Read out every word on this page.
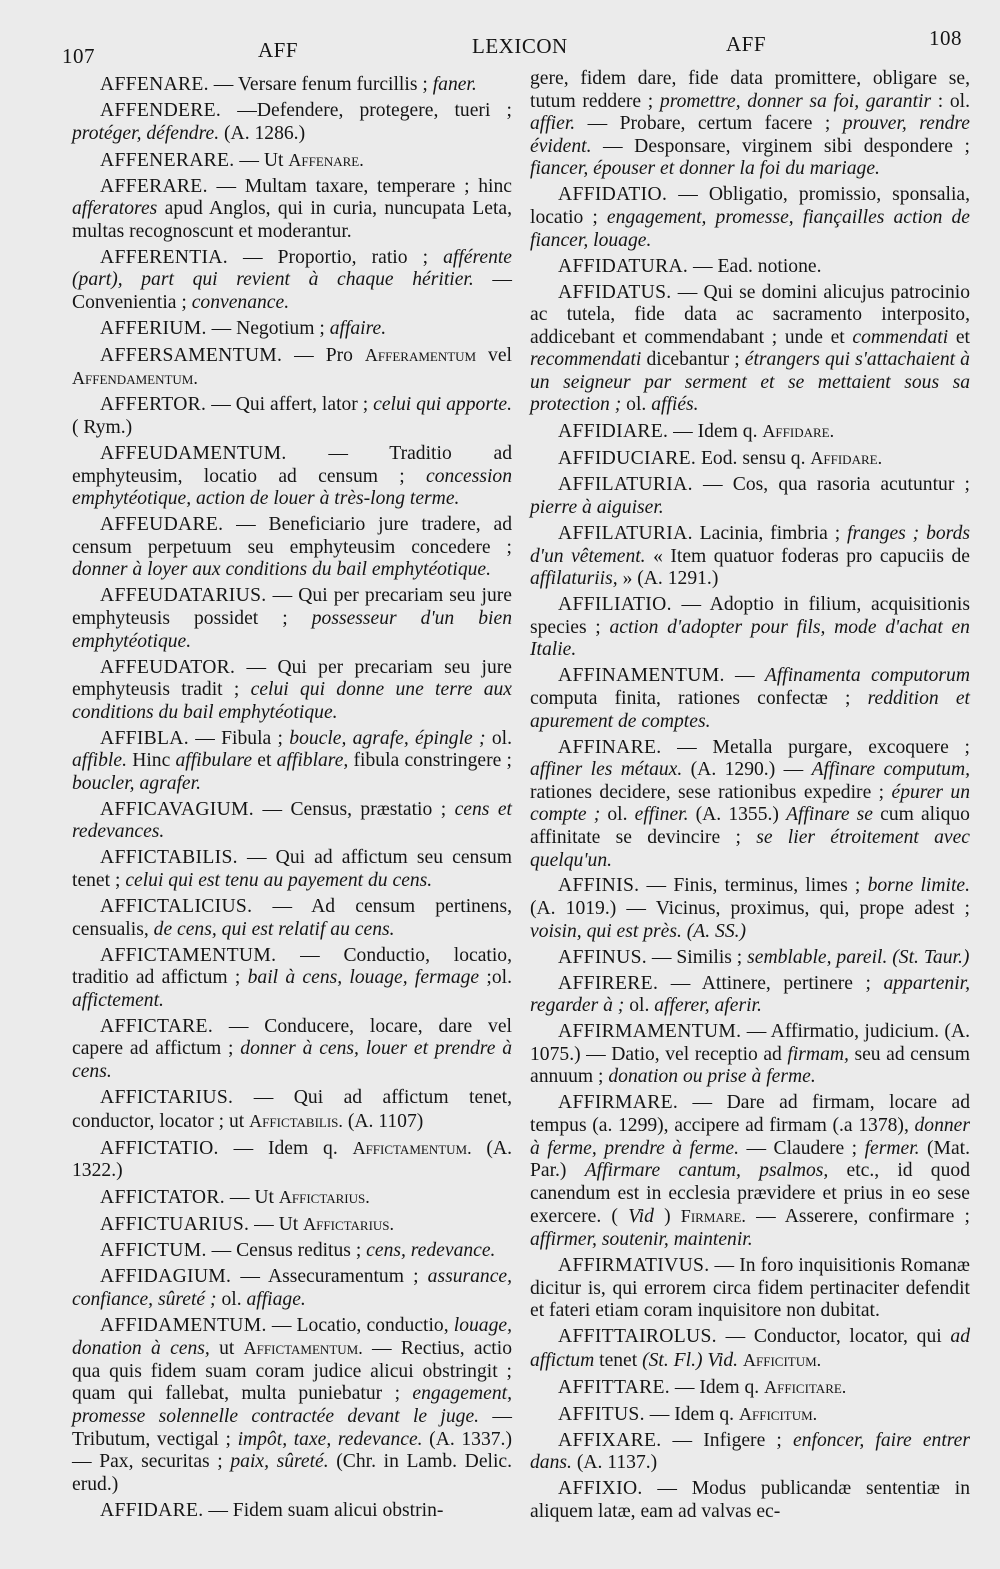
107	AFF	LEXICON	AFF	108

AFFENARE. — Versare fenum furcillis ; faner.

AFFENDERE. —Defendere, protegere, tueri ; protéger, défendre. (A. 1286.)

AFFENERARE. — Ut Affenare.

AFFERARE. — Multam taxare, temperare ; hinc afferatores apud Anglos, qui in curia, nuncupata Leta, multas recognoscunt et moderantur.

AFFERENTIA. — Proportio, ratio ; afférente (part), part qui revient à chaque héritier. — Convenientia ; convenance.

AFFERIUM. — Negotium ; affaire.

AFFERSAMENTUM. — Pro Afferamentum vel Affendamentum.

AFFERTOR. — Qui affert, lator ; celui qui apporte. ( Rym.)

AFFEUDAMENTUM. — Traditio ad emphyteusim, locatio ad censum ; concession emphytéotique, action de louer à très-long terme.

AFFEUDARE. — Beneficiario jure tradere, ad censum perpetuum seu emphyteusim concedere ; donner à loyer aux conditions du bail emphytéotique.

AFFEUDATARIUS. — Qui per precariam seu jure emphyteusis possidet ; possesseur d'un bien emphytéotique.

AFFEUDATOR. — Qui per precariam seu jure emphyteusis tradit ; celui qui donne une terre aux conditions du bail emphytéotique.

AFFIBLA. — Fibula ; boucle, agrafe, épingle ; ol. affible. Hinc affibulare et affiblare, fibula constringere ; boucler, agrafer.

AFFICAVAGIUM. — Census, præstatio ; cens et redevances.

AFFICTABILIS. — Qui ad affictum seu censum tenet ; celui qui est tenu au payement du cens.

AFFICTALICIUS. — Ad censum pertinens, censualis, de cens, qui est relatif au cens.

AFFICTAMENTUM. — Conductio, locatio, traditio ad affictum ; bail à cens, louage, fermage ;ol. affictement.

AFFICTARE. — Conducere, locare, dare vel capere ad affictum ; donner à cens, louer et prendre à cens.

AFFICTARIUS. — Qui ad affictum tenet, conductor, locator ; ut Affictabilis. (A. 1107)

AFFICTATIO. — Idem q. Affictamentum. (A. 1322.)

AFFICTATOR. — Ut Affictarius.

AFFICTUARIUS. — Ut Affictarius.

AFFICTUM. — Census reditus ; cens, redevance.

AFFIDAGIUM. — Assecuramentum ; assurance, confiance, sûreté ; ol. affiage.

AFFIDAMENTUM. — Locatio, conductio, louage, donation à cens, ut Affictamentum. — Rectius, actio qua quis fidem suam coram judice alicui obstringit ; quam qui fallebat, multa puniebatur ; engagement, promesse solennelle contractée devant le juge. — Tributum, vectigal ; impôt, taxe, redevance. (A. 1337.) — Pax, securitas ; paix, sûreté. (Chr. in Lamb. Delic. erud.)

AFFIDARE. — Fidem suam alicui obstrin-

gere, fidem dare, fide data promittere, obligare se, tutum reddere ; promettre, donner sa foi, garantir : ol. affier. — Probare, certum facere ; prouver, rendre évident. — Desponsare, virginem sibi despondere ; fiancer, épouser et donner la foi du mariage.

AFFIDATIO. — Obligatio, promissio, sponsalia, locatio ; engagement, promesse, fiançailles action de fiancer, louage.

AFFIDATURA. — Ead. notione.

AFFIDATUS. — Qui se domini alicujus patrocinio ac tutela, fide data ac sacramento interposito, addicebant et commendabant ; unde et commendati et recommendati dicebantur ; étrangers qui s'attachaient à un seigneur par serment et se mettaient sous sa protection ; ol. affiés.

AFFIDIARE. — Idem q. Affidare.

AFFIDUCIARE. Eod. sensu q. Affidare.

AFFILATURIA. — Cos, qua rasoria acutuntur ; pierre à aiguiser.

AFFILATURIA. Lacinia, fimbria ; franges ; bords d'un vêtement. « Item quatuor foderas pro capuciis de affilaturiis, » (A. 1291.)

AFFILIATIO. — Adoptio in filium, acquisitionis species ; action d'adopter pour fils, mode d'achat en Italie.

AFFINAMENTUM. — Affinamenta computorum computa finita, rationes confectæ ; reddition et apurement de comptes.

AFFINARE. — Metalla purgare, excoquere ; affiner les métaux. (A. 1290.) — Affinare computum, rationes decidere, sese rationibus expedire ; épurer un compte ; ol. effiner. (A. 1355.) Affinare se cum aliquo affinitate se devincire ; se lier étroitement avec quelqu'un.

AFFINIS. — Finis, terminus, limes ; borne limite. (A. 1019.) — Vicinus, proximus, qui, prope adest ; voisin, qui est près. (A. SS.)

AFFINUS. — Similis ; semblable, pareil. (St. Taur.)

AFFIRERE. — Attinere, pertinere ; appartenir, regarder à ; ol. afferer, aferir.

AFFIRMAMENTUM. — Affirmatio, judicium. (A. 1075.) — Datio, vel receptio ad firmam, seu ad censum annuum ; donation ou prise à ferme.

AFFIRMARE. — Dare ad firmam, locare ad tempus (a. 1299), accipere ad firmam (.a 1378), donner à ferme, prendre à ferme. — Claudere ; fermer. (Mat. Par.) Affirmare cantum, psalmos, etc., id quod canendum est in ecclesia prævidere et prius in eo sese exercere. ( Vid ) Firmare. — Asserere, confirmare ; affirmer, soutenir, maintenir.

AFFIRMATIVUS. — In foro inquisitionis Romanæ dicitur is, qui errorem circa fidem pertinaciter defendit et fateri etiam coram inquisitore non dubitat.

AFFITTAIROLUS. — Conductor, locator, qui ad affictum tenet (St. Fl.) Vid. Afficitum.

AFFITTARE. — Idem q. Afficitare.

AFFITUS. — Idem q. Afficitum.

AFFIXARE. — Infigere ; enfoncer, faire entrer dans. (A. 1137.)

AFFIXIO. — Modus publicandæ sententiæ in aliquem latæ, eam ad valvas ec-
